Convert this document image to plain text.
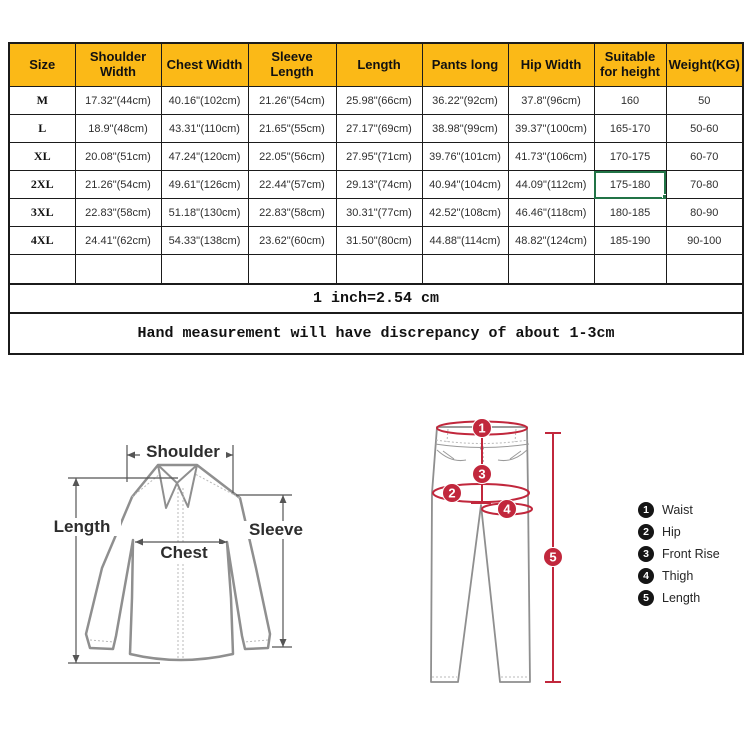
Size	Shoulder Width	Chest Width	Sleeve Length	Length	Pants long	Hip Width	Suitable for height	Weight(KG)
M	17.32"(44cm)	40.16"(102cm)	21.26"(54cm)	25.98"(66cm)	36.22"(92cm)	37.8"(96cm)	160	50
L	18.9"(48cm)	43.31"(110cm)	21.65"(55cm)	27.17"(69cm)	38.98"(99cm)	39.37"(100cm)	165-170	50-60
XL	20.08"(51cm)	47.24"(120cm)	22.05"(56cm)	27.95"(71cm)	39.76"(101cm)	41.73"(106cm)	170-175	60-70
2XL	21.26"(54cm)	49.61"(126cm)	22.44"(57cm)	29.13"(74cm)	40.94"(104cm)	44.09"(112cm)	175-180	70-80
3XL	22.83"(58cm)	51.18"(130cm)	22.83"(58cm)	30.31"(77cm)	42.52"(108cm)	46.46"(118cm)	180-185	80-90
4XL	24.41"(62cm)	54.33"(138cm)	23.62"(60cm)	31.50"(80cm)	44.88"(114cm)	48.82"(124cm)	185-190	90-100

1 inch=2.54 cm								
Hand measurement will have discrepancy of about 1-3cm								
Shoulder
Length
Chest
Sleeve
1
3
2
4
5
1	Waist
2	Hip
3	Front Rise
4	Thigh
5	Length
